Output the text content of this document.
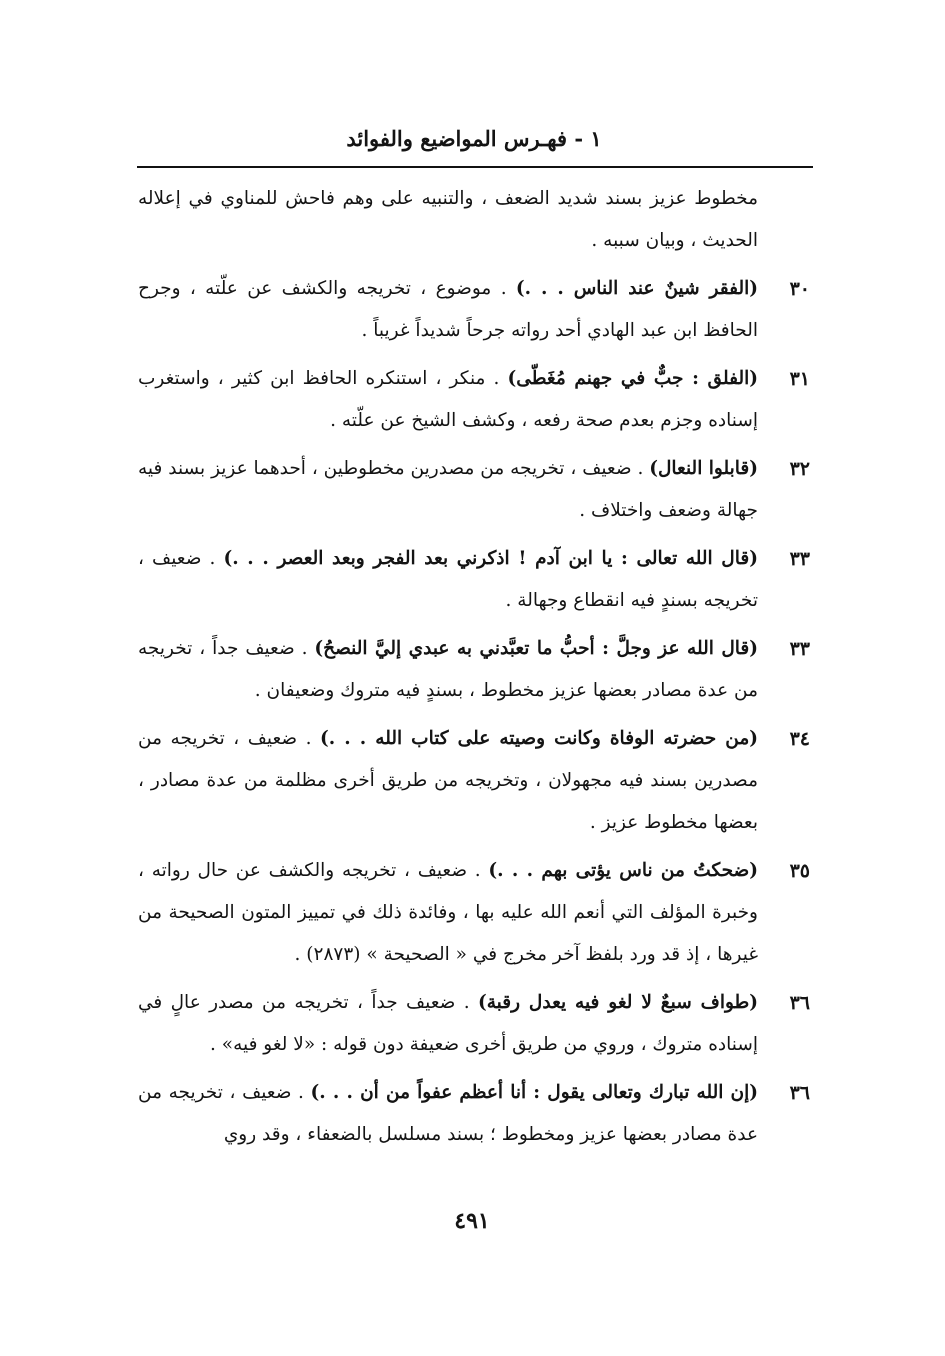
١ - فهـرس المواضيع والفوائد

مخطوط عزيز بسند شديد الضعف ، والتنبيه على وهم فاحش للمناوي في إعلاله الحديث ، وبيان سببه .

٣٠
(الفقر شينٌ عند الناس . . .) . موضوع ، تخريجه والكشف عن علّته ، وجرح الحافظ ابن عبد الهادي أحد رواته جرحاً شديداً غريباً .
٣١
(الفلق : جبٌّ في جهنم مُغَطّى) . منكر ، استنكره الحافظ ابن كثير ، واستغرب إسناده وجزم بعدم صحة رفعه ، وكشف الشيخ عن علّته .
٣٢
(قابلوا النعال) . ضعيف ، تخريجه من مصدرين مخطوطين ، أحدهما عزيز بسند فيه جهالة وضعف واختلاف .
٣٣
(قال الله تعالى : يا ابن آدم ! اذكرني بعد الفجر وبعد العصر . . .) . ضعيف ، تخريجه بسندٍ فيه انقطاع وجهالة .
٣٣
(قال الله عز وجلَّ : أحبُّ ما تعبَّدني به عبدي إليَّ النصحُ) . ضعيف جداً ، تخريجه من عدة مصادر بعضها عزيز مخطوط ، بسندٍ فيه متروك وضعيفان .
٣٤
(من حضرته الوفاة وكانت وصيته على كتاب الله . . .) . ضعيف ، تخريجه من مصدرين بسند فيه مجهولان ، وتخريجه من طريق أخرى مظلمة من عدة مصادر ، بعضها مخطوط عزيز .
٣٥
(ضحكتُ من ناس يؤتى بهم . . .) . ضعيف ، تخريجه والكشف عن حال رواته ، وخبرة المؤلف التي أنعم الله عليه بها ، وفائدة ذلك في تمييز المتون الصحيحة من غيرها ، إذ قد ورد بلفظ آخر مخرج في « الصحيحة » (٢٨٧٣) .
٣٦
(طواف سبعٌ لا لغو فيه يعدل رقبة) . ضعيف جداً ، تخريجه من مصدر عالٍ في إسناده متروك ، وروي من طريق أخرى ضعيفة دون قوله : «لا لغو فيه» .
٣٦
(إن الله تبارك وتعالى يقول : أنا أعظم عفواً من أن . . .) . ضعيف ، تخريجه من عدة مصادر بعضها عزيز ومخطوط ؛ بسند مسلسل بالضعفاء ، وقد روي
٤٩١
